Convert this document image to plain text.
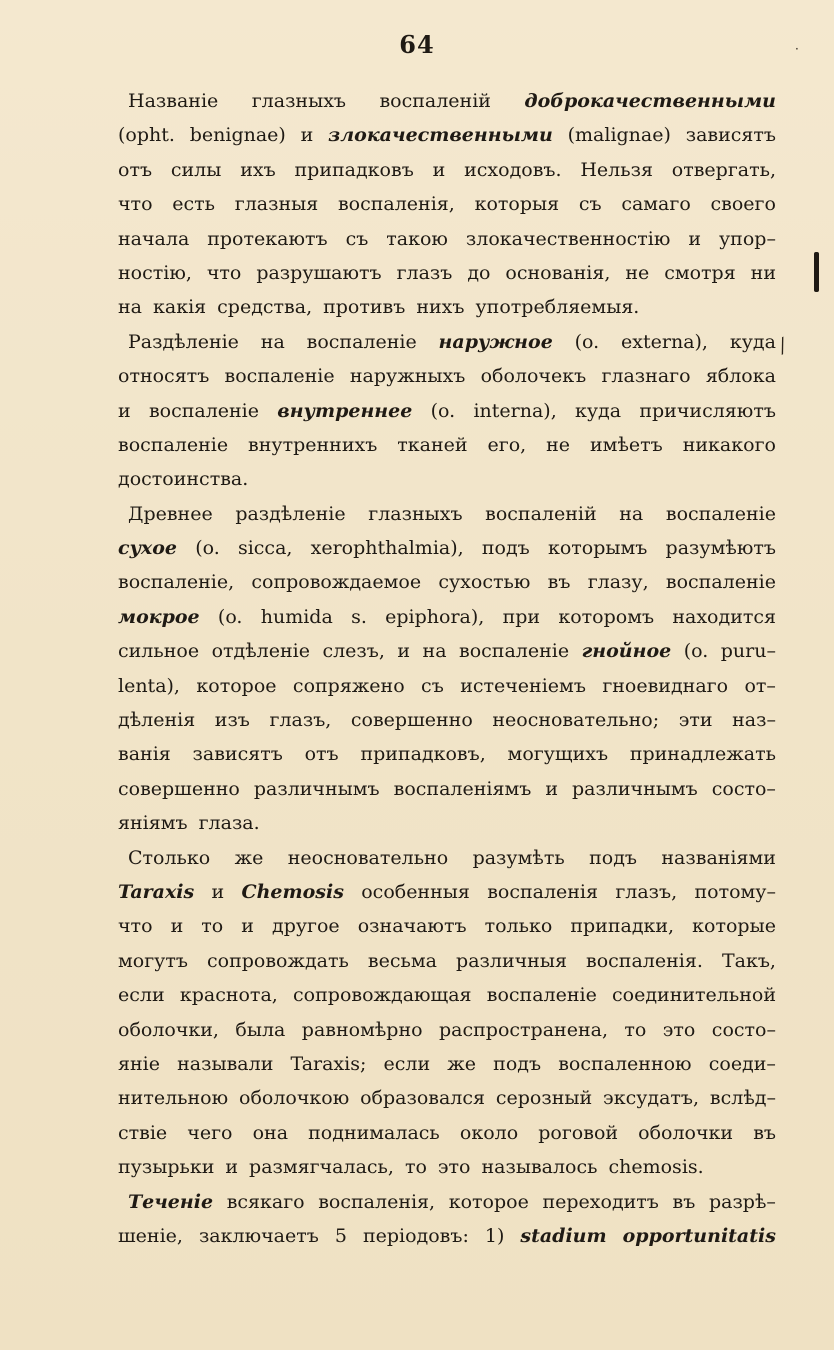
64	·
⁄
Названіе глазныхъ воспаленій доброкачественными
(opht. benignae) и злокачественными (malignae) зависятъ
отъ силы ихъ припадковъ и исходовъ. Нельзя отвергать,
что есть глазныя воспаленія, которыя съ самаго своего
начала протекаютъ съ такою злокачественностію и упор–
ностію, что разрушаютъ глазъ до основанія, не смотря ни
на какія средства, противъ нихъ употребляемыя.
Раздѣленіе на воспаленіе наружное (o. externa), куда
относятъ воспаленіе наружныхъ оболочекъ глазнаго яблока
и воспаленіе внутреннее (o. interna), куда причисляютъ
воспаленіе внутреннихъ тканей его, не имѣетъ никакого
достоинства.
Древнее раздѣленіе глазныхъ воспаленій на воспаленіе
сухое (o. sicca, xerophthalmia), подъ которымъ разумѣютъ
воспаленіе, сопровождаемое сухостью въ глазу, воспаленіе
мокрое (o. humida s. epiphora), при которомъ находится
сильное отдѣленіе слезъ, и на воспаленіе гнойное (o. puru–
lenta), которое сопряжено съ истеченіемъ гноевиднаго от–
дѣленія изъ глазъ, совершенно неосновательно; эти наз–
ванія зависятъ отъ припадковъ, могущихъ принадлежать
совершенно различнымъ воспаленіямъ и различнымъ состо–
яніямъ глаза.
Столько же неосновательно разумѣть подъ названіями
Taraxis и Chemosis особенныя воспаленія глазъ, потому–
что и то и другое означаютъ только припадки, которые
могутъ сопровождать весьма различныя воспаленія. Такъ,
если краснота, сопровождающая воспаленіе соединительной
оболочки, была равномѣрно распространена, то это состо–
яніе называли Taraxis; если же подъ воспаленною соеди–
нительною оболочкою образовался серозный эксудатъ, вслѣд–
ствіе чего она поднималась около роговой оболочки въ
пузырьки и размягчалась, то это называлось chemosis.
Теченіе всякаго воспаленія, которое переходитъ въ разрѣ–
шеніе, заключаетъ 5 періодовъ: 1) stadium opportunitatis
